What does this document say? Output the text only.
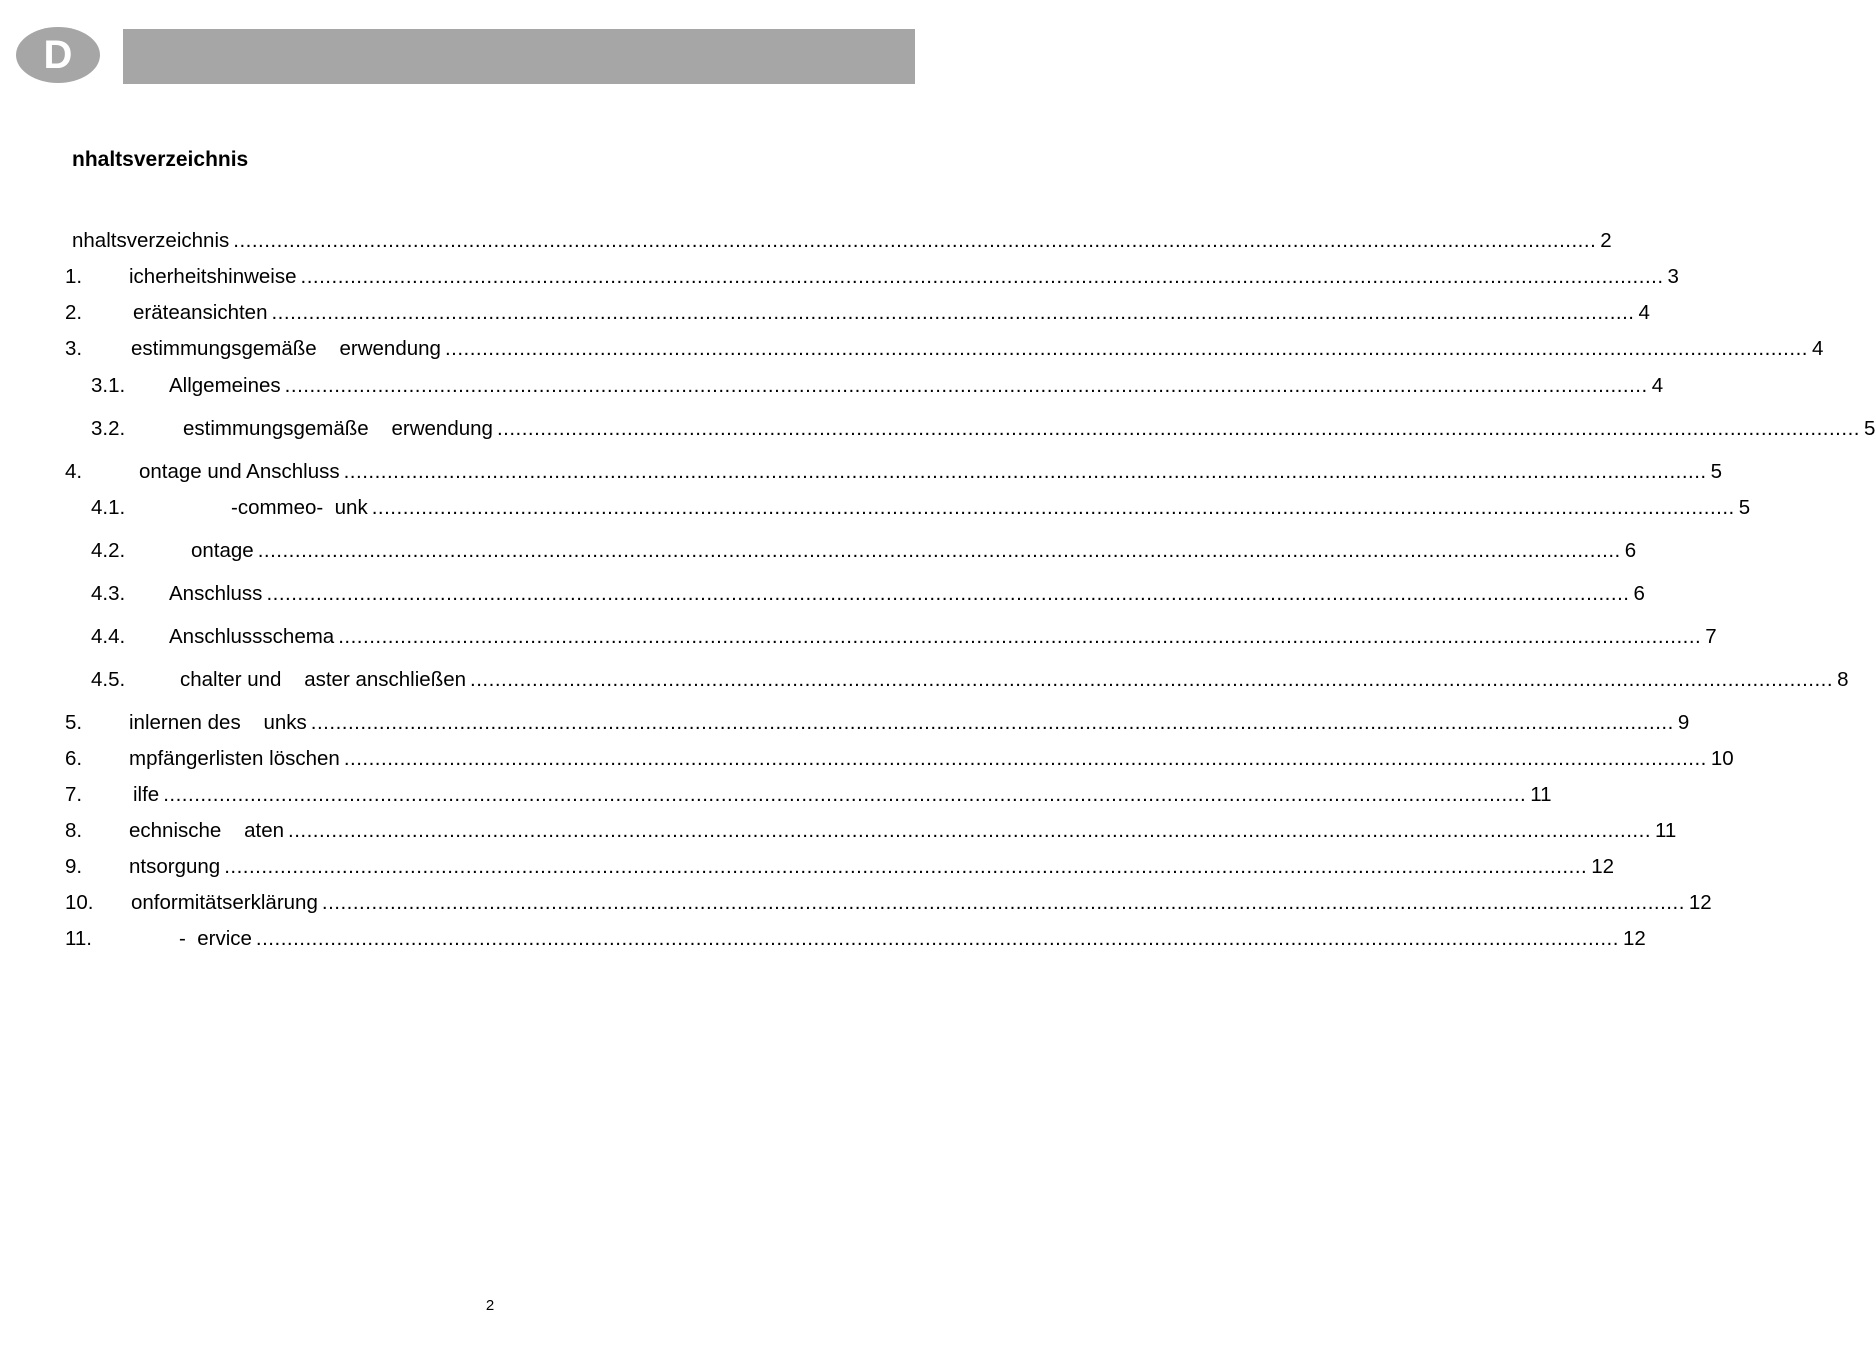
D
nhaltsverzeichnis
nhaltsverzeichnis ............................................................................................................................................................................................................................ 2
1. icherheitshinweise ............................................................................................................................................................................................................................ 3
2. eräteansichten ............................................................................................................................................................................................................................ 4
3. estimmungsgemäße    erwendung ............................................................................................................................................................................................................................ 4
3.1. Allgemeines ............................................................................................................................................................................................................................ 4
3.2.	estimmungsgemäße    erwendung ............................................................................................................................................................................................................................ 5
4.	ontage und Anschluss ............................................................................................................................................................................................................................ 5
4.1.	-commeo-  unk ............................................................................................................................................................................................................................ 5
4.2.	ontage ............................................................................................................................................................................................................................ 6
4.3. Anschluss ............................................................................................................................................................................................................................ 6
4.4. Anschlussschema ............................................................................................................................................................................................................................ 7
4.5.	chalter und    aster anschließen ............................................................................................................................................................................................................................ 8
5. inlernen des    unks ............................................................................................................................................................................................................................ 9
6. mpfängerlisten löschen ............................................................................................................................................................................................................................ 10
7. ilfe ............................................................................................................................................................................................................................ 11
8. echnische    aten ............................................................................................................................................................................................................................ 11
9. ntsorgung ............................................................................................................................................................................................................................ 12
10. onformitätserklärung ............................................................................................................................................................................................................................ 12
11.	-  ervice ............................................................................................................................................................................................................................ 12
2
